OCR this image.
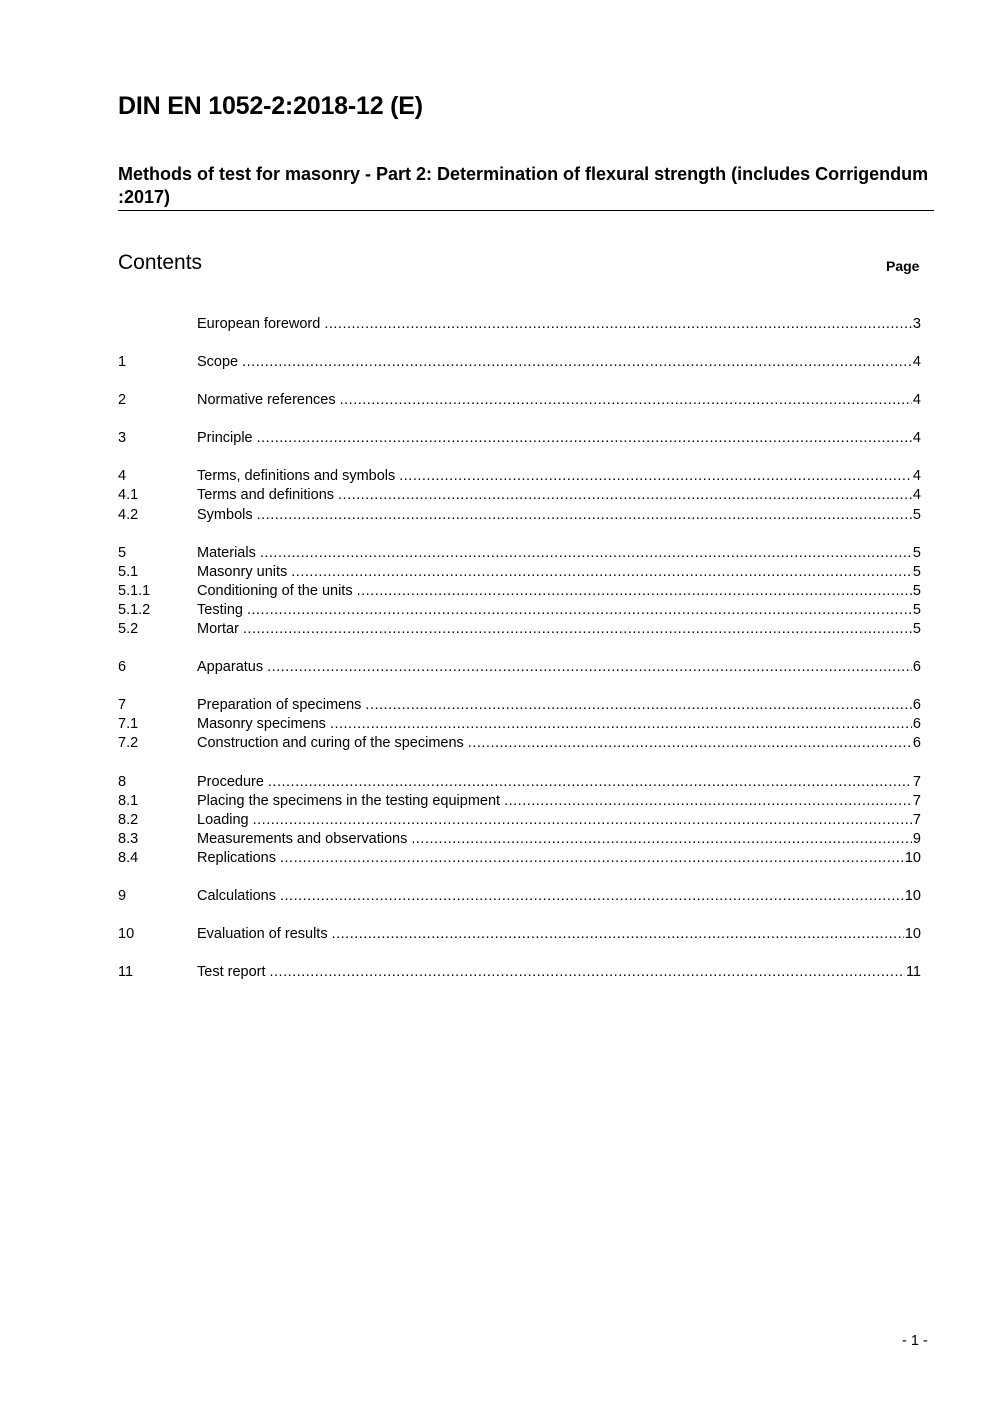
DIN EN 1052-2:2018-12 (E)
Methods of test for masonry - Part 2: Determination of flexural strength (includes Corrigendum :2017)
Contents	Page
European foreword .....	3
1	Scope .....	4
2	Normative references .....	4
3	Principle .....	4
4	Terms, definitions and symbols .....	4
4.1	Terms and definitions .....	4
4.2	Symbols .....	5
5	Materials .....	5
5.1	Masonry units .....	5
5.1.1	Conditioning of the units .....	5
5.1.2	Testing .....	5
5.2	Mortar .....	5
6	Apparatus .....	6
7	Preparation of specimens .....	6
7.1	Masonry specimens .....	6
7.2	Construction and curing of the specimens .....	6
8	Procedure .....	7
8.1	Placing the specimens in the testing equipment .....	7
8.2	Loading .....	7
8.3	Measurements and observations .....	9
8.4	Replications .....	10
9	Calculations .....	10
10	Evaluation of results .....	10
11	Test report .....	11
- 1 -
